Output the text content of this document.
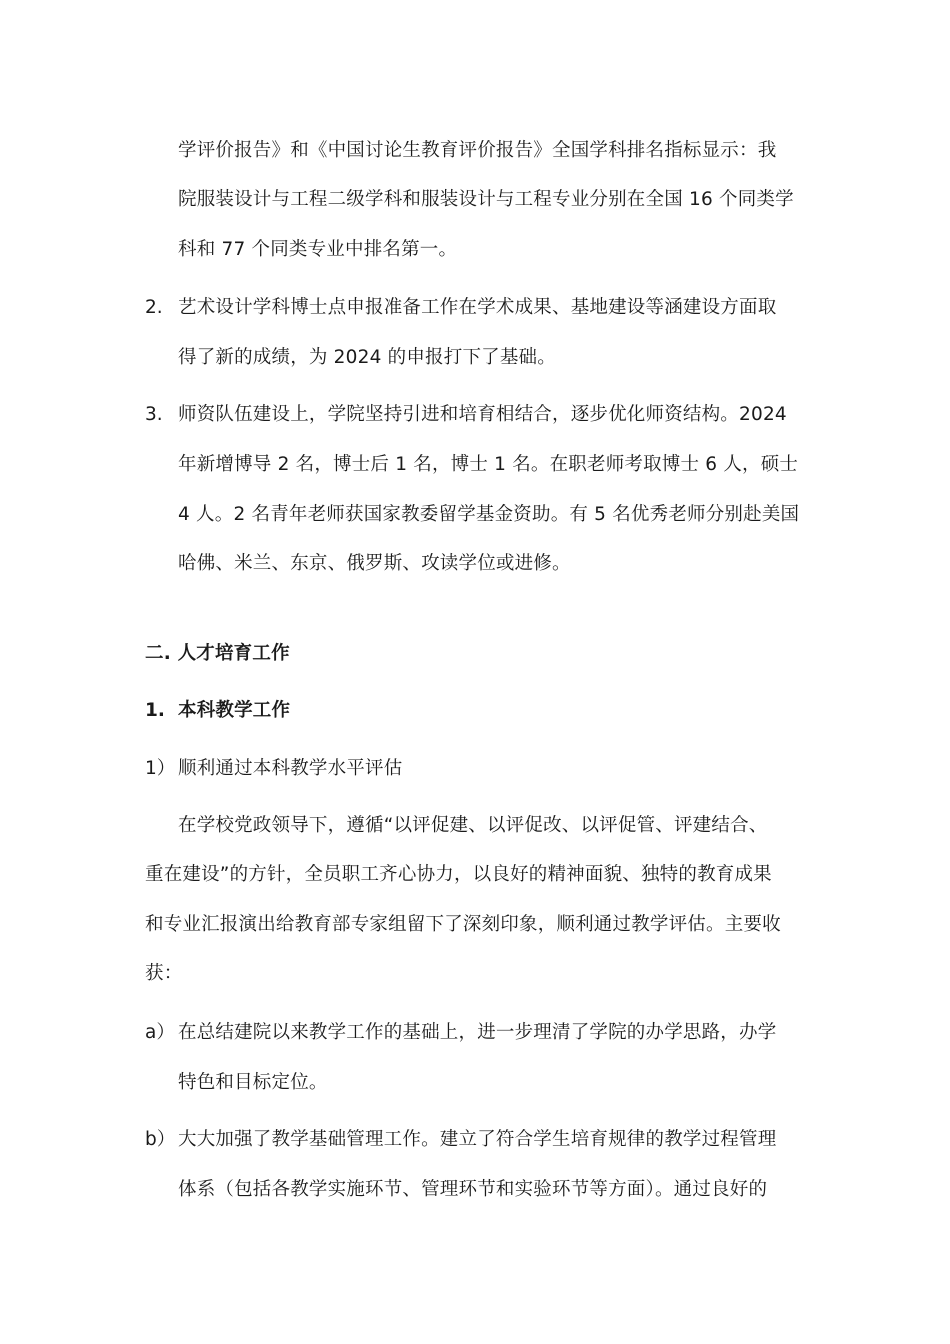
学评价报告》和《中国讨论生教育评价报告》全国学科排名指标显示：我
院服装设计与工程二级学科和服装设计与工程专业分别在全国 16 个同类学
科和 77 个同类专业中排名第一。
2. 艺术设计学科博士点申报准备工作在学术成果、基地建设等涵建设方面取
得了新的成绩，为 2024 的申报打下了基础。
3. 师资队伍建设上，学院坚持引进和培育相结合，逐步优化师资结构。2024
年新增博导 2 名，博士后 1 名，博士 1 名。在职老师考取博士 6 人，硕士
4 人。2 名青年老师获国家教委留学基金资助。有 5 名优秀老师分别赴美国
哈佛、米兰、东京、俄罗斯、攻读学位或进修。
二. 人才培育工作
1. 本科教学工作
1） 顺利通过本科教学水平评估
在学校党政领导下，遵循“以评促建、以评促改、以评促管、评建结合、
重在建设”的方针，全员职工齐心协力，以良好的精神面貌、独特的教育成果
和专业汇报演出给教育部专家组留下了深刻印象，顺利通过教学评估。主要收
获：
a） 在总结建院以来教学工作的基础上，进一步理清了学院的办学思路，办学
特色和目标定位。
b） 大大加强了教学基础管理工作。建立了符合学生培育规律的教学过程管理
体系（包括各教学实施环节、管理环节和实验环节等方面）。通过良好的
